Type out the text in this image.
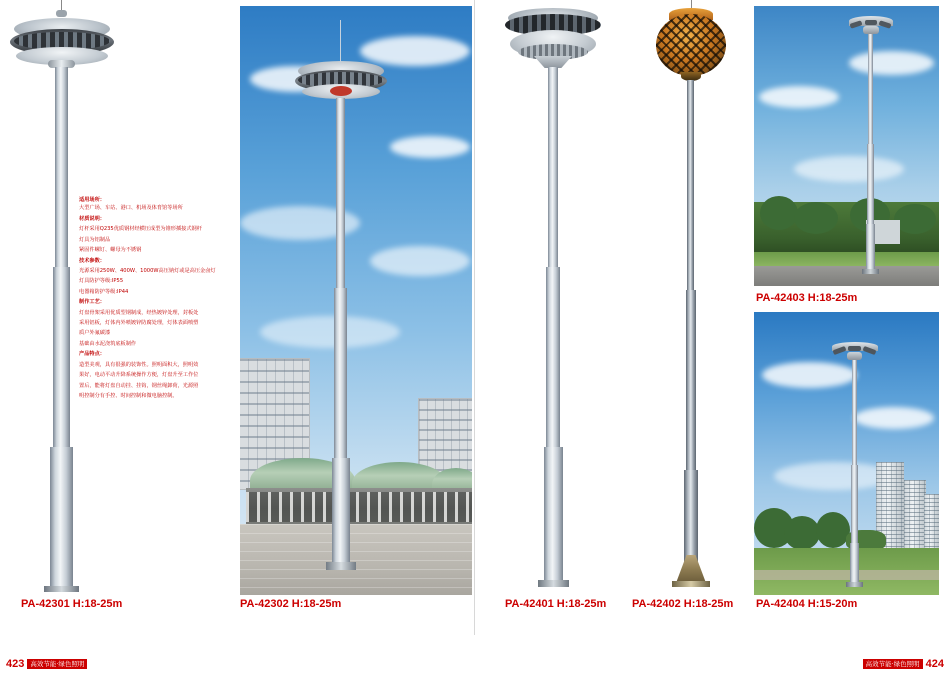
PA-42301 H:18-25m

适用场所：
大型广场、车站、港口、机场及体育馆等场所

材质说明：

灯杆采用Q235优质钢材经横压成型为锥形插接式钢杆

灯具为铝制品

紧固件螺钉、螺母为不锈钢

技术参数：

光源采用250W、400W、1000W高压钠灯或是高压金卤灯

灯具防护等级:IP55

电器箱防护等级:IP44

制作工艺：

灯盘骨架采用优质型钢制成，经热镀锌处理，封板处

采用铝板，灯体内外喷镀锌防腐处理，灯体表面喷塑

质户外氟碳漆

基础由水泥浇筑底板制作

产品特点：

造型美观，具有很强的装饰性。照明面积大，照明效

果好，电动平动升降系统操作方便，灯盘升至工作位

置后，能将灯盘自动挂、挂钩，钢丝绳卸荷，光源照

明控制分有手控、时间控制和微电脑控制。

PA-42302 H:18-25m	PA-42401 H:18-25m PA-42402 H:18-25m
PA-42403 H:18-25m
PA-42404 H:15-20m
423 高效节能·绿色照明	高效节能·绿色照明 424
